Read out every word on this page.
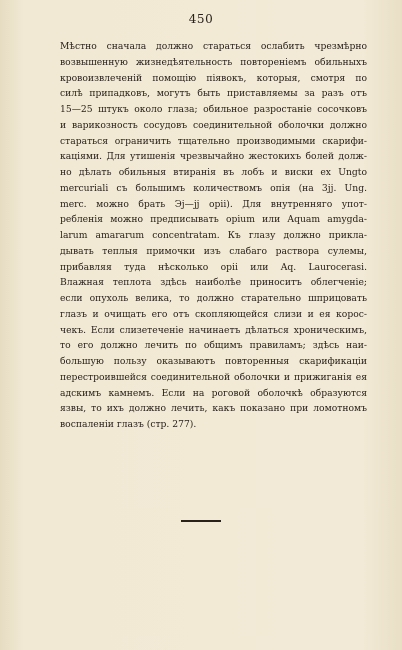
450
Мѣстно сначала должно стараться ослабить чрезмѣрно
возвышенную жизнедѣятельность повтореніемъ обильныхъ
кровоизвлеченій помощію піявокъ, которыя, смотря по
силѣ припадковъ, могутъ быть приставляемы за разъ отъ
15—25 штукъ около глаза; обильное разростаніе сосочковъ
и варикозность сосудовъ соединительной оболочки должно
стараться ограничить тщательно производимыми скарифи-
каціями. Для утишенія чрезвычайно жестокихъ болей долж-
но дѣлать обильныя втиранія въ лобъ и виски ex Ungto
mercuriali съ большимъ количествомъ опія (на 3jj. Ung.
merc. можно брать Эj—jj opii). Для внутренняго упот-
ребленія можно предписывать opium или Aquam amygda-
larum amararum concentratam. Къ глазу должно прикла-
дывать теплыя примочки изъ слабаго раствора сулемы,
прибавляя туда нѣсколько opii или Aq. Laurocerasi.
Влажная теплота здѣсь наиболѣе приноситъ облегченіе;
если опухоль велика, то должно старательно шприцовать
глазъ и очищать его отъ скопляющейся слизи и ея корос-
чекъ. Если слизетеченіе начинаетъ дѣлаться хроническимъ,
то его должно лечить по общимъ правиламъ; здѣсь наи-
большую пользу оказываютъ повторенныя скарификаціи
перестроившейся соединительной оболочки и прижиганія ея
адскимъ камнемъ. Если на роговой оболочкѣ образуются
язвы, то ихъ должно лечить, какъ показано при ломотномъ
воспаленіи глазъ (стр. 277).
